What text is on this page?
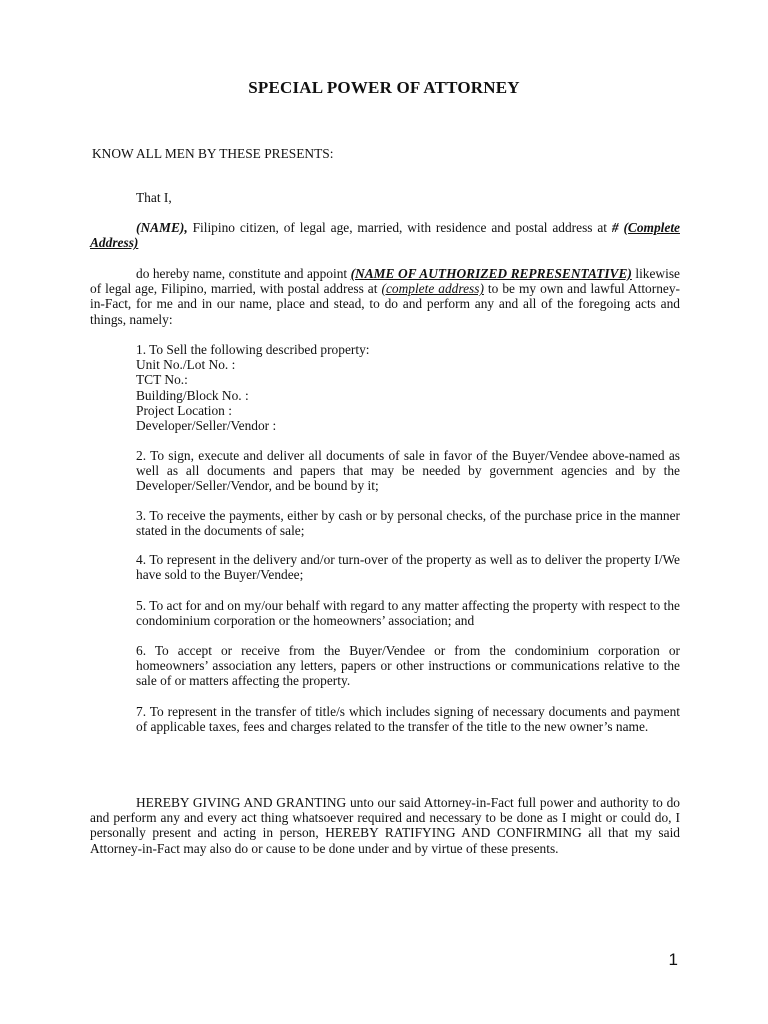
SPECIAL POWER OF ATTORNEY
KNOW ALL MEN BY THESE PRESENTS:
That I,
(NAME), Filipino citizen, of legal age, married, with residence and postal address at # (Complete Address)
do hereby name, constitute and appoint (NAME OF AUTHORIZED REPRESENTATIVE) likewise of legal age, Filipino, married, with postal address at (complete address) to be my own and lawful Attorney-in-Fact, for me and in our name, place and stead, to do and perform any and all of the foregoing acts and things, namely:
1. To Sell the following described property:
Unit No./Lot No. :
TCT No.:
Building/Block No. :
Project Location :
Developer/Seller/Vendor :
2. To sign, execute and deliver all documents of sale in favor of the Buyer/Vendee above-named as well as all documents and papers that may be needed by government agencies and by the Developer/Seller/Vendor, and be bound by it;
3. To receive the payments, either by cash or by personal checks, of the purchase price in the manner stated in the documents of sale;
4. To represent in the delivery and/or turn-over of the property as well as to deliver the property I/We have sold to the Buyer/Vendee;
5. To act for and on my/our behalf with regard to any matter affecting the property with respect to the condominium corporation or the homeowners’ association; and
6. To accept or receive from the Buyer/Vendee or from the condominium corporation or homeowners’ association any letters, papers or other instructions or communications relative to the sale of or matters affecting the property.
7. To represent in the transfer of title/s which includes signing of necessary documents and payment of applicable taxes, fees and charges related to the transfer of the title to the new owner’s name.
HEREBY GIVING AND GRANTING unto our said Attorney-in-Fact full power and authority to do and perform any and every act thing whatsoever required and necessary to be done as I might or could do, I personally present and acting in person, HEREBY RATIFYING AND CONFIRMING all that my said Attorney-in-Fact may also do or cause to be done under and by virtue of these presents.
1
